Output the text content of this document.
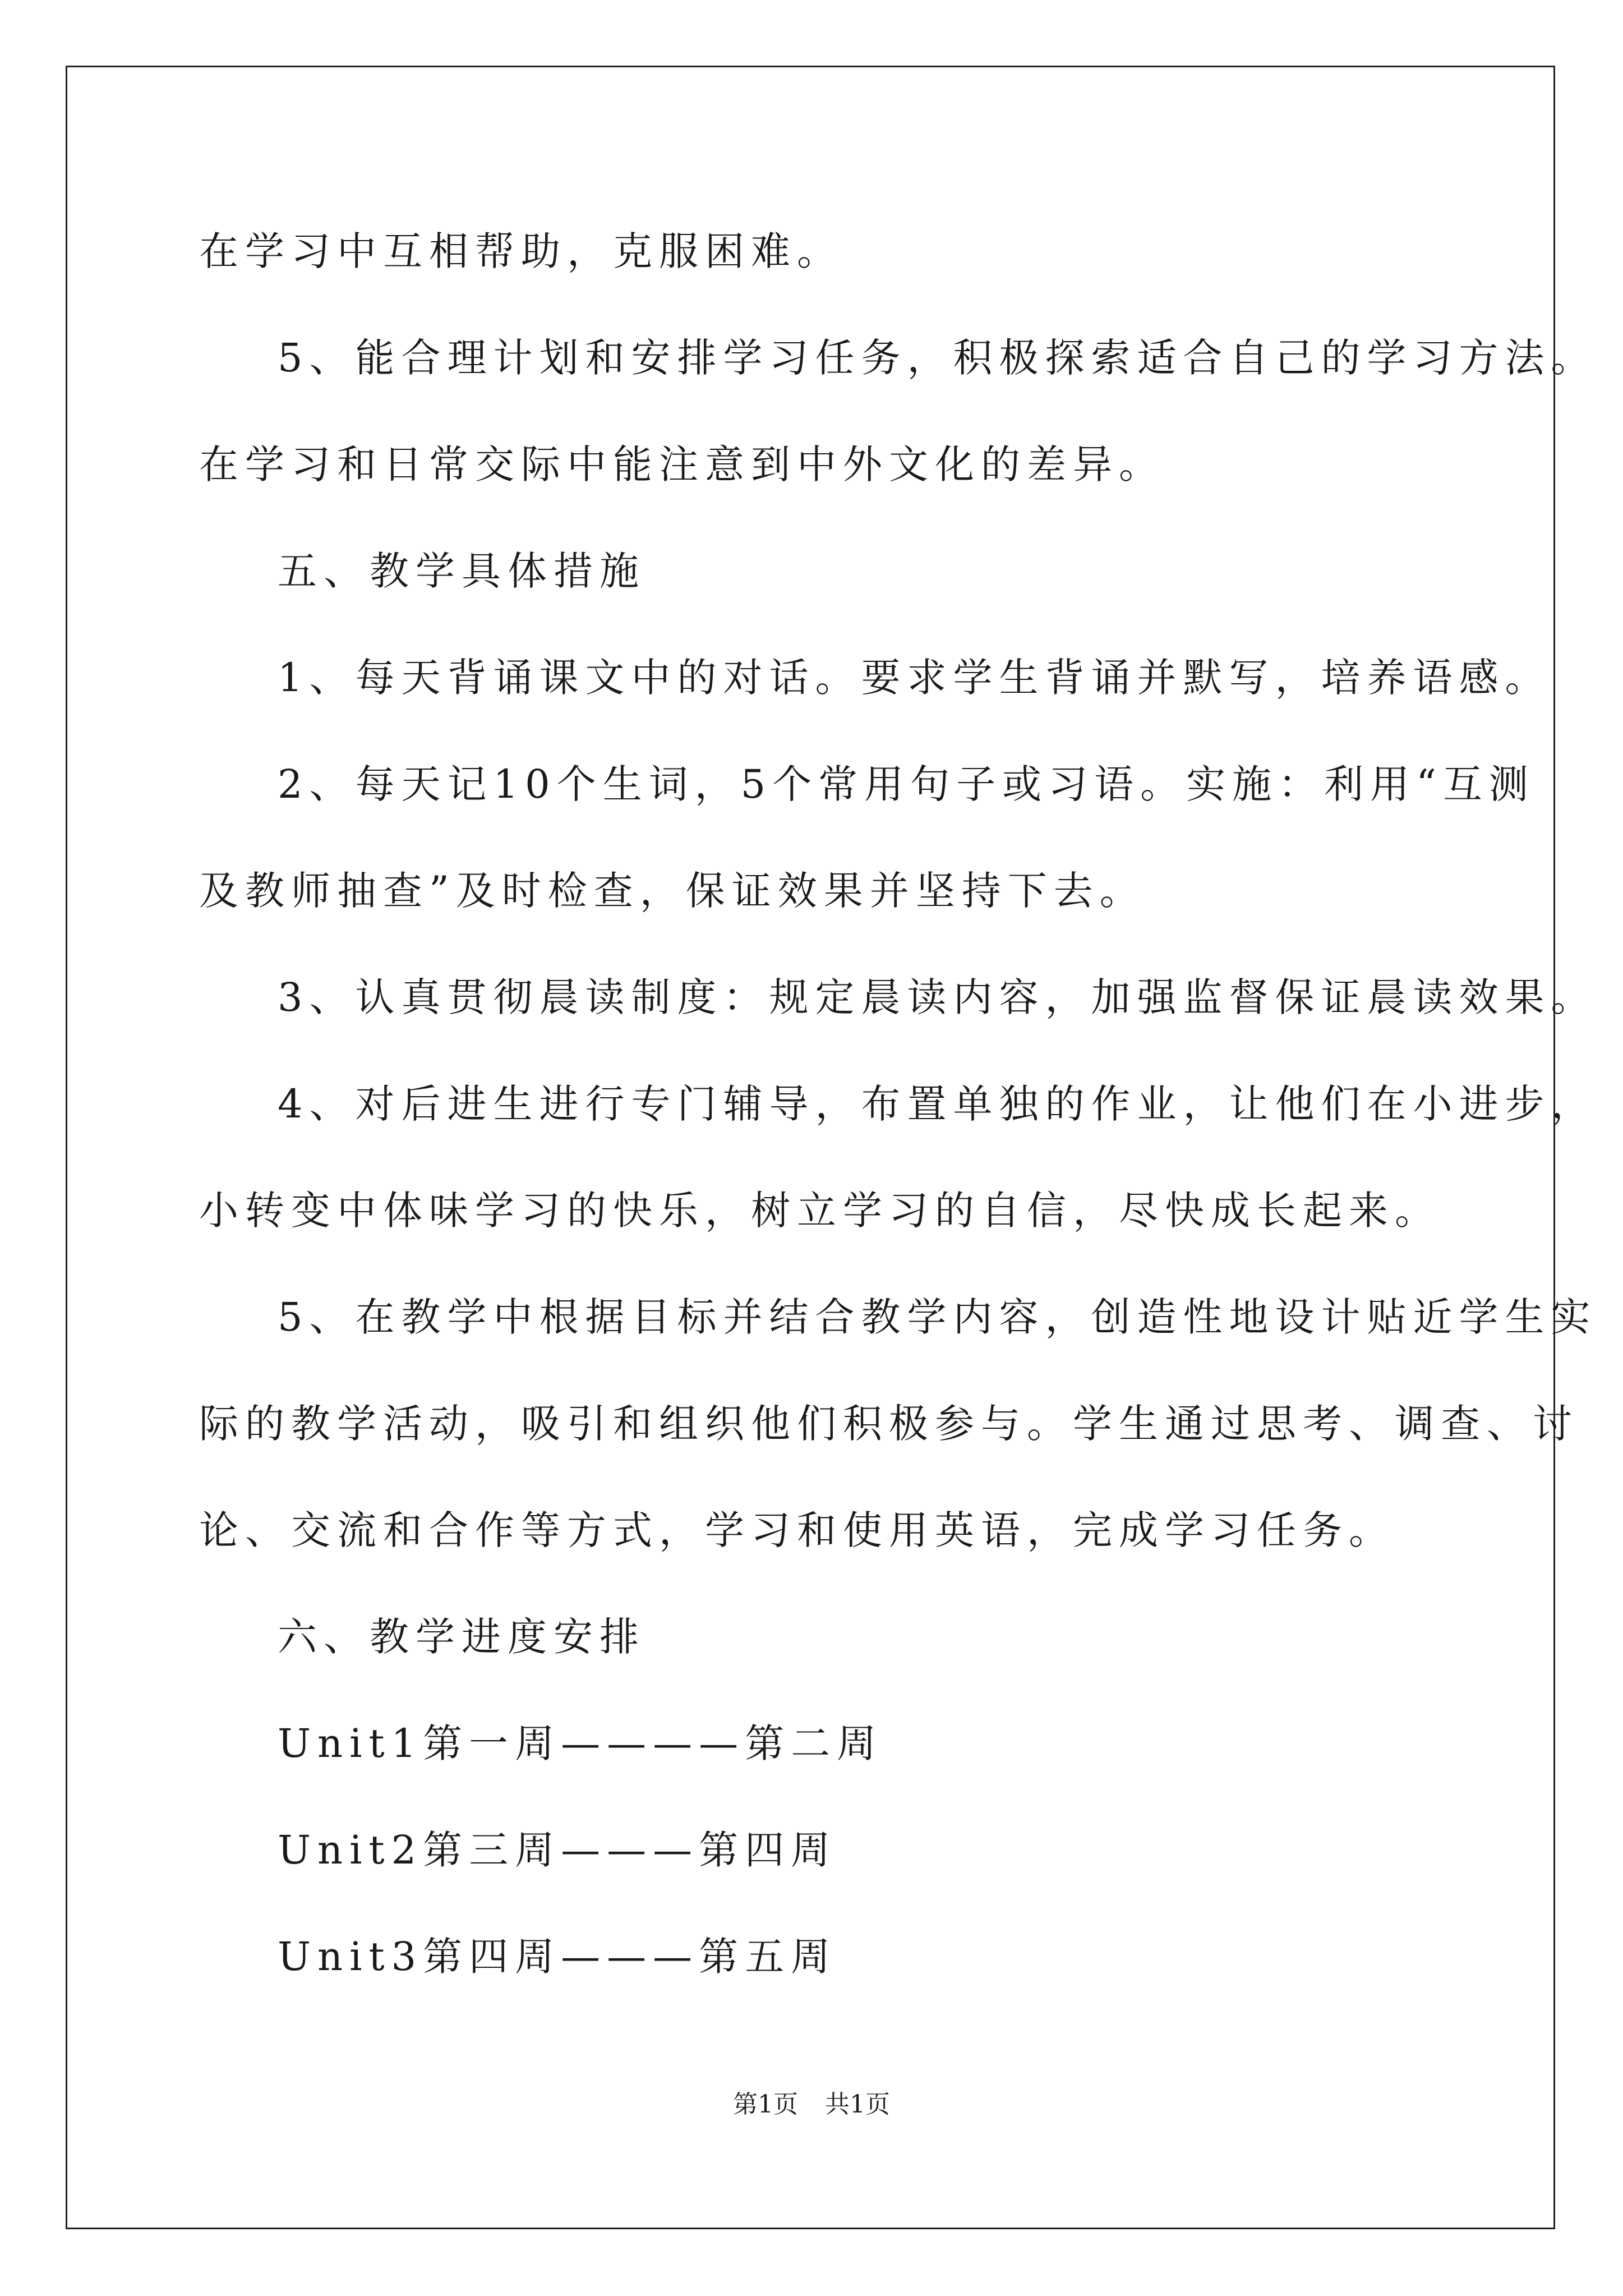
在学习中互相帮助，克服困难。

5、能合理计划和安排学习任务，积极探索适合自己的学习方法。

在学习和日常交际中能注意到中外文化的差异。

五、教学具体措施

1、每天背诵课文中的对话。要求学生背诵并默写，培养语感。

2、每天记10个生词，5个常用句子或习语。实施：利用“互测

及教师抽查”及时检查，保证效果并坚持下去。

3、认真贯彻晨读制度：规定晨读内容，加强监督保证晨读效果。

4、对后进生进行专门辅导，布置单独的作业，让他们在小进步，

小转变中体味学习的快乐，树立学习的自信，尽快成长起来。

5、在教学中根据目标并结合教学内容，创造性地设计贴近学生实

际的教学活动，吸引和组织他们积极参与。学生通过思考、调查、讨

论、交流和合作等方式，学习和使用英语，完成学习任务。

六、教学进度安排

Unit1第一周————第二周

Unit2第三周———第四周

Unit3第四周———第五周

第1页 共1页
